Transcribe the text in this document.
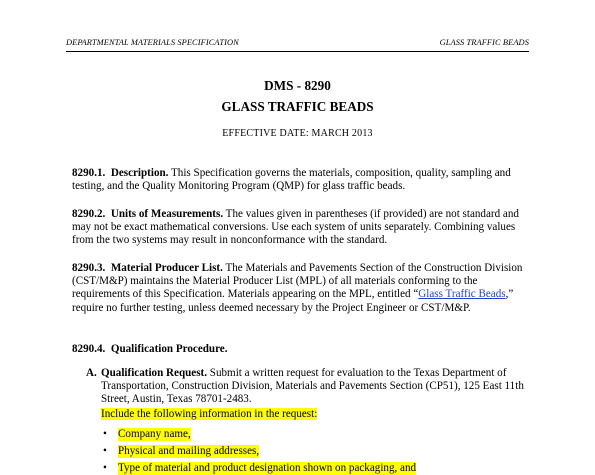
DEPARTMENTAL MATERIALS SPECIFICATION	GLASS TRAFFIC BEADS
DMS - 8290
GLASS TRAFFIC BEADS
EFFECTIVE DATE: MARCH 2013
8290.1. Description. This Specification governs the materials, composition, quality, sampling and testing, and the Quality Monitoring Program (QMP) for glass traffic beads.
8290.2. Units of Measurements. The values given in parentheses (if provided) are not standard and may not be exact mathematical conversions. Use each system of units separately. Combining values from the two systems may result in nonconformance with the standard.
8290.3. Material Producer List. The Materials and Pavements Section of the Construction Division (CST/M&P) maintains the Material Producer List (MPL) of all materials conforming to the requirements of this Specification. Materials appearing on the MPL, entitled “Glass Traffic Beads,” require no further testing, unless deemed necessary by the Project Engineer or CST/M&P.
8290.4. Qualification Procedure.
A. Qualification Request. Submit a written request for evaluation to the Texas Department of Transportation, Construction Division, Materials and Pavements Section (CP51), 125 East 11th Street, Austin, Texas 78701-2483.
Include the following information in the request:
• Company name,
• Physical and mailing addresses,
• Type of material and product designation shown on packaging, and
